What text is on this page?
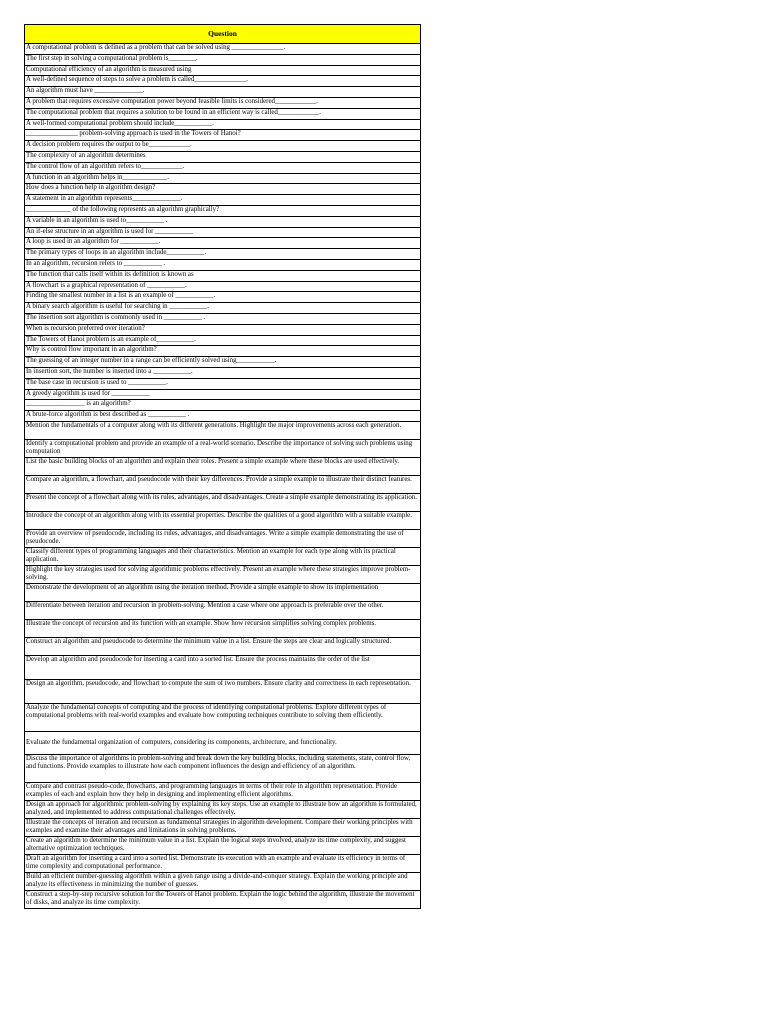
Question
A computational problem is defined as a problem that can be solved using _______________.
The first step in solving a computational problem is________.
Computational efficiency of an algorithm is measured using
A well-defined sequence of steps to solve a problem is called_______________.
An algorithm must have ______________.
A problem that requires excessive computation power beyond feasible limits is considered____________.
The computational problem that requires a solution to be found in an efficient way is called____________.
A well-formed computational problem should include___________.
_______________ problem-solving approach is used in the Towers of Hanoi?
A decision problem requires the output to be____________.
The complexity of an algorithm determines
The control flow of an algorithm refers to____________.
A function in an algorithm helps in_____________.
How does a function help in algorithm design?
A statement in an algorithm represents______________.
_____________ of the following represents an algorithm graphically?
A variable in an algorithm is used to___________ .
An if-else structure in an algorithm is used for ___________
A loop is used in an algorithm for ___________.
The primary types of loops in an algorithm include___________.
In an algorithm, recursion refers to ___________ .
The function that calls itself within its definition is known as
A flowchart is a graphical representation of ___________.
Finding the smallest number in a list is an example of ___________.
A binary search algorithm is useful for searching in ___________.
The insertion sort algorithm is commonly used in ___________ .
When is recursion preferred over iteration?
The Towers of Hanoi problem is an example of___________.
Why is control flow important in an algorithm?
The guessing of an integer number in a range can be efficiently solved using___________.
In insertion sort, the number is inserted into a ___________.
The base case in recursion is used to ___________.
A greedy algorithm is used for ___________
_________________ is an algorithm?
A brute-force algorithm is best described as ___________ .
Mention the fundamentals of a computer along with its different generations. Highlight the major improvements across each generation.
Identify a computational problem and provide an example of a real-world scenario. Describe the importance of solving such problems using computation
List the basic building blocks of an algorithm and explain their roles. Present a simple example where these blocks are used effectively.
Compare an algorithm, a flowchart, and pseudocode with their key differences. Provide a simple example to illustrate their distinct features.
Present the concept of a flowchart along with its rules, advantages, and disadvantages. Create a simple example demonstrating its application.
Introduce the concept of an algorithm along with its essential properties. Describe the qualities of a good algorithm with a suitable example.
Provide an overview of pseudocode, including its rules, advantages, and disadvantages. Write a simple example demonstrating the use of pseudocode.
Classify different types of programming languages and their characteristics. Mention an example for each type along with its practical application.
Highlight the key strategies used for solving algorithmic problems effectively. Present an example where these strategies improve problem-solving.
Demonstrate the development of an algorithm using the iteration method. Provide a simple example to show its implementation
Differentiate between iteration and recursion in problem-solving. Mention a case where one approach is preferable over the other.
Illustrate the concept of recursion and its function with an example. Show how recursion simplifies solving complex problems.
Construct an algorithm and pseudocode to determine the minimum value in a list. Ensure the steps are clear and logically structured.
Develop an algorithm and pseudocode for inserting a card into a sorted list. Ensure the process maintains the order of the list
Design an algorithm, pseudocode, and flowchart to compute the sum of two numbers. Ensure clarity and correctness in each representation.
Analyze the fundamental concepts of computing and the process of identifying computational problems. Explore different types of computational problems with real-world examples and evaluate how computing techniques contribute to solving them efficiently.
Evaluate the fundamental organization of computers, considering its components, architecture, and functionality.
Discuss the importance of algorithms in problem-solving and break down the key building blocks, including statements, state, control flow, and functions. Provide examples to illustrate how each component influences the design and efficiency of an algorithm.
Compare and contrast pseudo-code, flowcharts, and programming languages in terms of their role in algorithm representation. Provide examples of each and explain how they help in designing and implementing efficient algorithms.
Design an approach for algorithmic problem-solving by explaining its key steps. Use an example to illustrate how an algorithm is formulated, analyzed, and implemented to address computational challenges effectively.
Illustrate the concepts of iteration and recursion as fundamental strategies in algorithm development. Compare their working principles with examples and examine their advantages and limitations in solving problems.
Create an algorithm to determine the minimum value in a list. Explain the logical steps involved, analyze its time complexity, and suggest alternative optimization techniques.
Draft an algorithm for inserting a card into a sorted list. Demonstrate its execution with an example and evaluate its efficiency in terms of time complexity and computational performance.
Build an efficient number-guessing algorithm within a given range using a divide-and-conquer strategy. Explain the working principle and analyze its effectiveness in minimizing the number of guesses.
Construct a step-by-step recursive solution for the Towers of Hanoi problem. Explain the logic behind the algorithm, illustrate the movement of disks, and analyze its time complexity.
